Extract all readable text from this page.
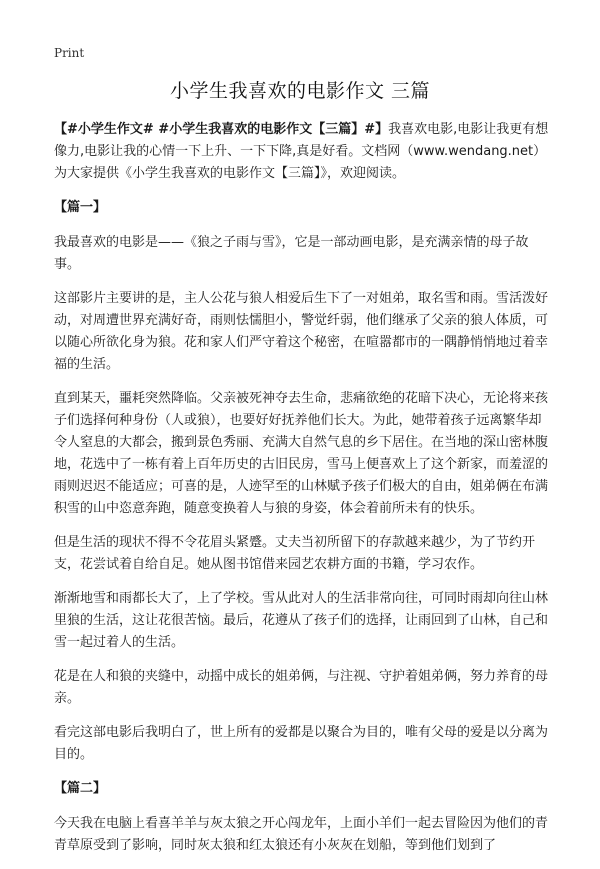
Print
小学生我喜欢的电影作文 三篇

【#小学生作文# #小学生我喜欢的电影作文【三篇】#】我喜欢电影,电影让我更有想像力,电影让我的心情一下上升、一下下降,真是好看。文档网（www.wendang.net）为大家提供《小学生我喜欢的电影作文【三篇】》，欢迎阅读。

【篇一】

我最喜欢的电影是——《狼之子雨与雪》，它是一部动画电影，是充满亲情的母子故事。

这部影片主要讲的是，主人公花与狼人相爱后生下了一对姐弟，取名雪和雨。雪活泼好动，对周遭世界充满好奇，雨则怯懦胆小，警觉纤弱，他们继承了父亲的狼人体质，可以随心所欲化身为狼。花和家人们严守着这个秘密，在喧嚣都市的一隅静悄悄地过着幸福的生活。

直到某天，噩耗突然降临。父亲被死神夺去生命，悲痛欲绝的花暗下决心，无论将来孩子们选择何种身份（人或狼），也要好好抚养他们长大。为此，她带着孩子远离繁华却令人窒息的大都会，搬到景色秀丽、充满大自然气息的乡下居住。在当地的深山密林腹地，花选中了一栋有着上百年历史的古旧民房，雪马上便喜欢上了这个新家，而羞涩的雨则迟迟不能适应；可喜的是，人迹罕至的山林赋予孩子们极大的自由，姐弟俩在布满积雪的山中恣意奔跑，随意变换着人与狼的身姿，体会着前所未有的快乐。

但是生活的现状不得不令花眉头紧蹙。丈夫当初所留下的存款越来越少，为了节约开支，花尝试着自给自足。她从图书馆借来园艺农耕方面的书籍，学习农作。

渐渐地雪和雨都长大了，上了学校。雪从此对人的生活非常向往，可同时雨却向往山林里狼的生活，这让花很苦恼。最后，花遵从了孩子们的选择，让雨回到了山林，自己和雪一起过着人的生活。

花是在人和狼的夹缝中，动摇中成长的姐弟俩，与注视、守护着姐弟俩，努力养育的母亲。

看完这部电影后我明白了，世上所有的爱都是以聚合为目的，唯有父母的爱是以分离为目的。

【篇二】

今天我在电脑上看喜羊羊与灰太狼之开心闯龙年，上面小羊们一起去冒险因为他们的青青草原受到了影响，同时灰太狼和红太狼还有小灰灰在划船，等到他们划到了
